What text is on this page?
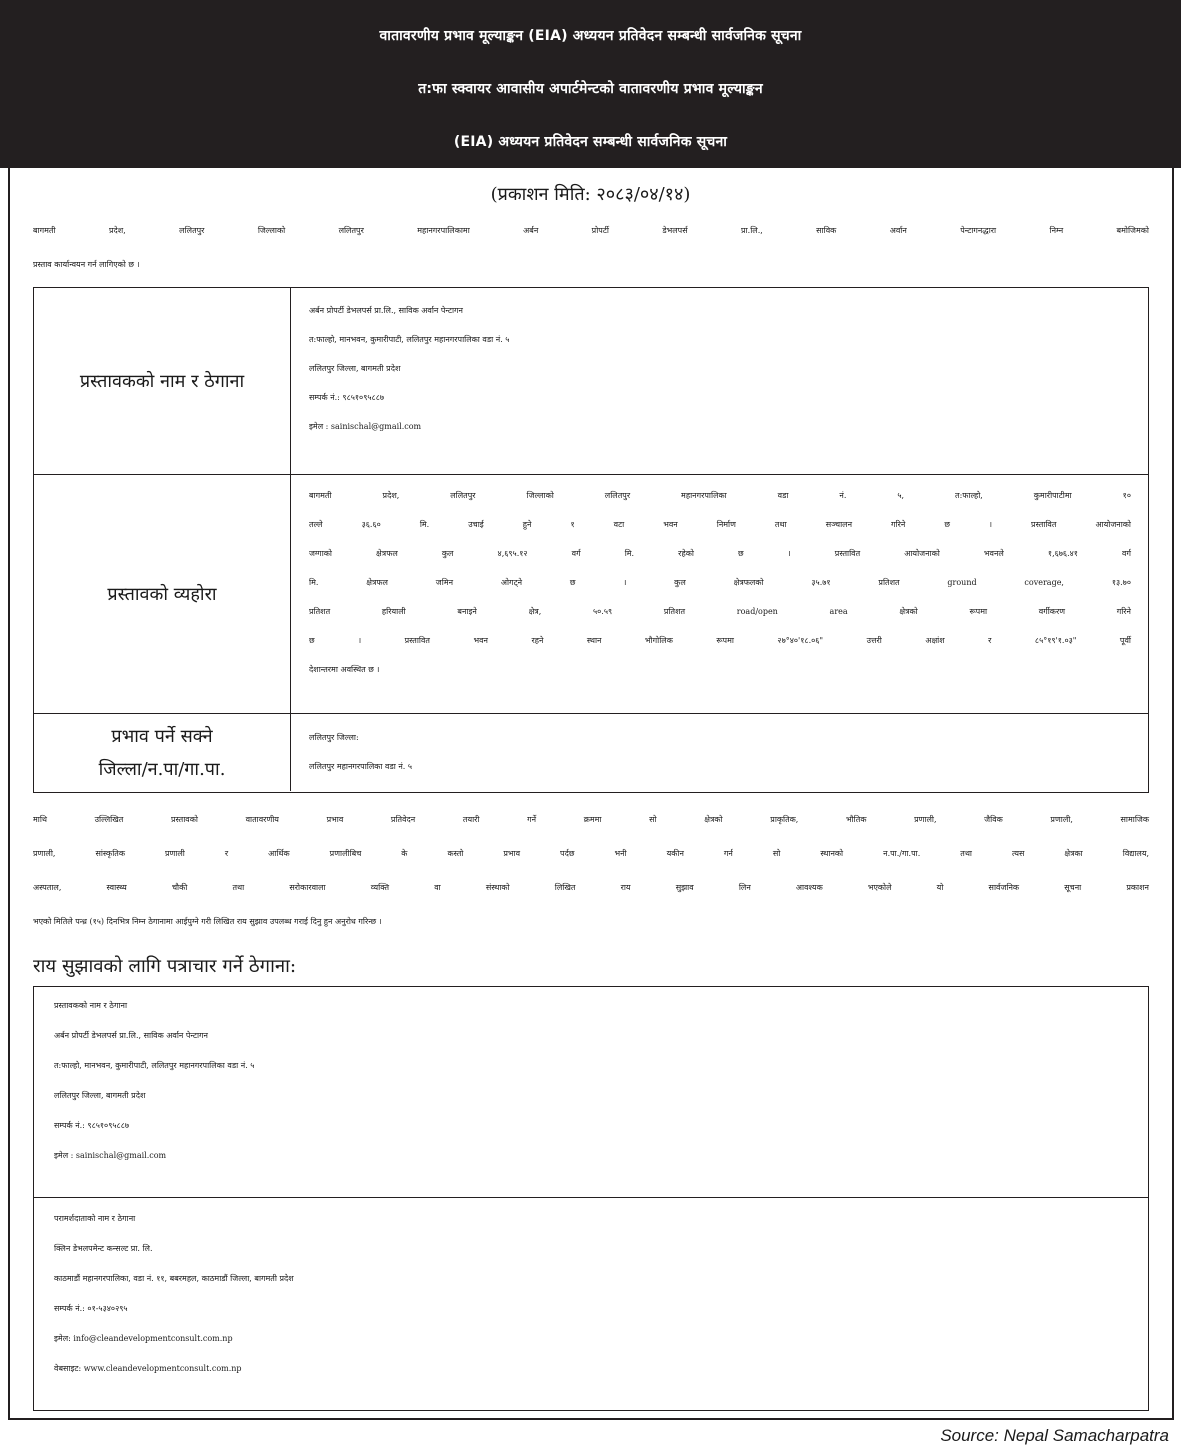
वातावरणीय प्रभाव मूल्याङ्कन (EIA) अध्ययन प्रतिवेदन सम्बन्धी सार्वजनिक सूचना
त:फा स्क्वायर आवासीय अपार्टमेन्टको वातावरणीय प्रभाव मूल्याङ्कन
(EIA) अध्ययन प्रतिवेदन सम्बन्धी सार्वजनिक सूचना
(प्रकाशन मिति: २०८३/०४/१४)
बागमती प्रदेश, ललितपुर जिल्लाको ललितपुर महानगरपालिकामा अर्बन प्रोपर्टी डेभलपर्स प्रा.लि., साविक अर्वान पेन्टागनद्धारा निम्न बमोजिमको
प्रस्ताव कार्यान्वयन गर्न लागिएको छ ।
प्रस्तावकको नाम र ठेगाना
अर्बन प्रोपर्टी डेभलपर्स प्रा.लि., साविक अर्वान पेन्टागन
त:फाल्हो, मानभवन, कुमारीपाटी, ललितपुर महानगरपालिका वडा नं. ५
ललितपुर जिल्ला, बागमती प्रदेश
सम्पर्क नं.: ९८५१०९५८८७
इमेल : sainischal@gmail.com
प्रस्तावको व्यहोरा
बागमती प्रदेश, ललितपुर जिल्लाको ललितपुर महानगरपालिका वडा नं. ५, त:फाल्हो, कुमारीपाटीमा १०
तल्ले ३६.६० मि. उचाई हुने १ वटा भवन निर्माण तथा सञ्चालन गरिने छ । प्रस्तावित आयोजनाको
जग्गाको क्षेत्रफल कुल ४,६९५.१२ वर्ग मि. रहेको छ । प्रस्तावित आयोजनाको भवनले १,६७६.४१ वर्ग
मि. क्षेत्रफल जमिन ओगट्ने छ । कुल क्षेत्रफलको ३५.७१ प्रतिशत ground coverage, १३.७०
प्रतिशत हरियाली बनाइने क्षेत्र, ५०.५९ प्रतिशत road/open area क्षेत्रको रूपमा वर्गीकरण गरिने
छ । प्रस्तावित भवन रहने स्थान भौगोलिक रूपमा २७°४०'१८.०६" उत्तरी अक्षांश र ८५°१९'१.०३" पूर्वी
देशान्तरमा अवस्थित छ ।
प्रभाव पर्ने सक्ने
जिल्ला/न.पा/गा.पा.
ललितपुर जिल्ला:
ललितपुर महानगरपालिका वडा नं. ५
माथि उल्लिखित प्रस्तावको वातावरणीय प्रभाव प्रतिवेदन तयारी गर्ने क्रममा सो क्षेत्रको प्राकृतिक, भौतिक प्रणाली, जैविक प्रणाली, सामाजिक
प्रणाली, सांस्कृतिक प्रणाली र आर्थिक प्रणालीबिच के कस्तो प्रभाव पर्दछ भनी यकीन गर्न सो स्थानको न.पा./गा.पा. तथा त्यस क्षेत्रका विद्यालय,
अस्पताल, स्वास्थ्य चौकी तथा सरोकारवाला व्यक्ति वा संस्थाको लिखित राय सुझाव लिन आवश्यक भएकोले यो सार्वजनिक सूचना प्रकाशन
भएको मितिले पन्ध्र (१५) दिनभित्र निम्न ठेगानामा आईपुग्ने गरी लिखित राय सुझाव उपलब्ध गराई दिनु हुन अनुरोध गरिन्छ ।
राय सुझावको लागि पत्राचार गर्ने ठेगाना:
प्रस्तावकको नाम र ठेगाना
अर्बन प्रोपर्टी डेभलपर्स प्रा.लि., साविक अर्वान पेन्टागन
त:फाल्हो, मानभवन, कुमारीपाटी, ललितपुर महानगरपालिका वडा नं. ५
ललितपुर जिल्ला, बागमती प्रदेश
सम्पर्क नं.: ९८५१०९५८८७
इमेल : sainischal@gmail.com
परामर्शदाताको नाम र ठेगाना
क्लिन डेभलपमेन्ट कन्सल्ट प्रा. लि.
काठमाडौं महानगरपालिका, वडा नं. ११, बबरमहल, काठमाडौं जिल्ला, बागमती प्रदेश
सम्पर्क नं.: ०१-५३४०२९५
इमेल: info@cleandevelopmentconsult.com.np
वेबसाइट: www.cleandevelopmentconsult.com.np
Source: Nepal Samacharpatra
